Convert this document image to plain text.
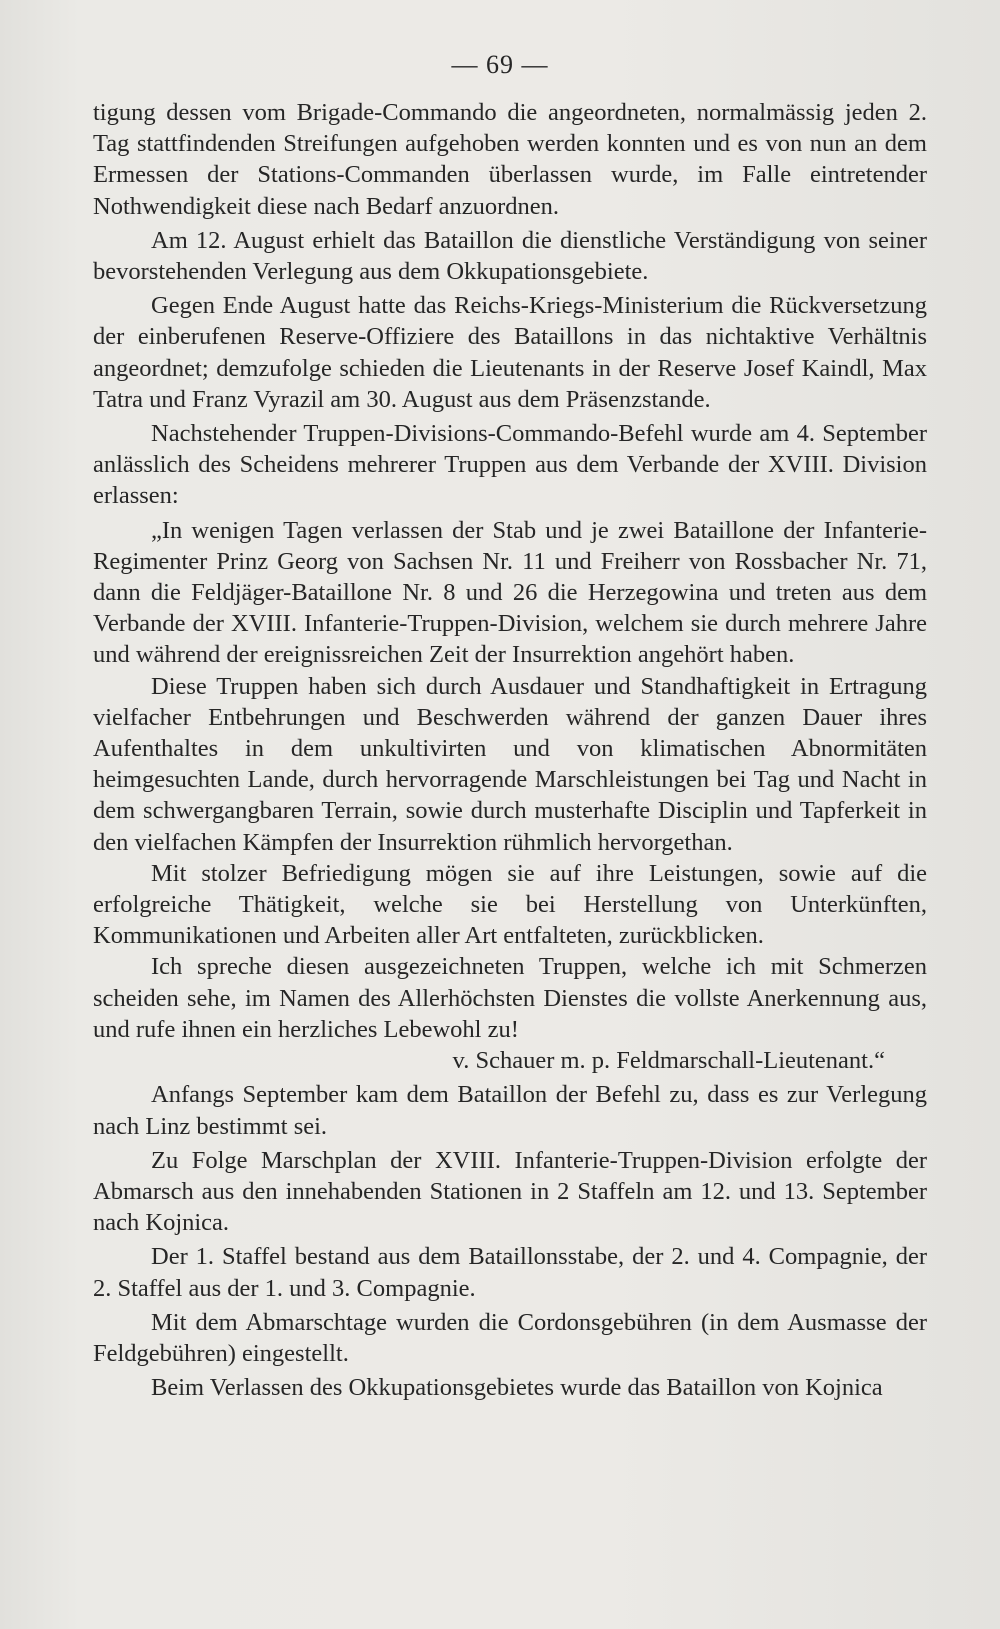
— 69 —

tigung dessen vom Brigade-Commando die angeordneten, normalmässig jeden 2. Tag stattfindenden Streifungen aufgehoben werden konnten und es von nun an dem Ermessen der Stations-Commanden überlassen wurde, im Falle eintretender Nothwendigkeit diese nach Bedarf anzuordnen.

Am 12. August erhielt das Bataillon die dienstliche Verständigung von seiner bevorstehenden Verlegung aus dem Okkupationsgebiete.

Gegen Ende August hatte das Reichs-Kriegs-Ministerium die Rückversetzung der einberufenen Reserve-Offiziere des Bataillons in das nichtaktive Verhältnis angeordnet; demzufolge schieden die Lieutenants in der Reserve Josef Kaindl, Max Tatra und Franz Vyrazil am 30. August aus dem Präsenzstande.

Nachstehender Truppen-Divisions-Commando-Befehl wurde am 4. September anlässlich des Scheidens mehrerer Truppen aus dem Verbande der XVIII. Division erlassen:

„In wenigen Tagen verlassen der Stab und je zwei Bataillone der Infanterie-Regimenter Prinz Georg von Sachsen Nr. 11 und Freiherr von Rossbacher Nr. 71, dann die Feldjäger-Bataillone Nr. 8 und 26 die Herzegowina und treten aus dem Verbande der XVIII. Infanterie-Truppen-Division, welchem sie durch mehrere Jahre und während der ereignissreichen Zeit der Insurrektion angehört haben.

Diese Truppen haben sich durch Ausdauer und Standhaftigkeit in Ertragung vielfacher Entbehrungen und Beschwerden während der ganzen Dauer ihres Aufenthaltes in dem unkultivirten und von klimatischen Abnormitäten heimgesuchten Lande, durch hervorragende Marschleistungen bei Tag und Nacht in dem schwergangbaren Terrain, sowie durch musterhafte Disciplin und Tapferkeit in den vielfachen Kämpfen der Insurrektion rühmlich hervorgethan.

Mit stolzer Befriedigung mögen sie auf ihre Leistungen, sowie auf die erfolgreiche Thätigkeit, welche sie bei Herstellung von Unterkünften, Kommunikationen und Arbeiten aller Art entfalteten, zurückblicken.

Ich spreche diesen ausgezeichneten Truppen, welche ich mit Schmerzen scheiden sehe, im Namen des Allerhöchsten Dienstes die vollste Anerkennung aus, und rufe ihnen ein herzliches Lebewohl zu!

v. Schauer m. p. Feldmarschall-Lieutenant.“

Anfangs September kam dem Bataillon der Befehl zu, dass es zur Verlegung nach Linz bestimmt sei.

Zu Folge Marschplan der XVIII. Infanterie-Truppen-Division erfolgte der Abmarsch aus den innehabenden Stationen in 2 Staffeln am 12. und 13. September nach Kojnica.

Der 1. Staffel bestand aus dem Bataillonsstabe, der 2. und 4. Compagnie, der 2. Staffel aus der 1. und 3. Compagnie.

Mit dem Abmarschtage wurden die Cordonsgebühren (in dem Ausmasse der Feldgebühren) eingestellt.

Beim Verlassen des Okkupationsgebietes wurde das Bataillon von Kojnica
